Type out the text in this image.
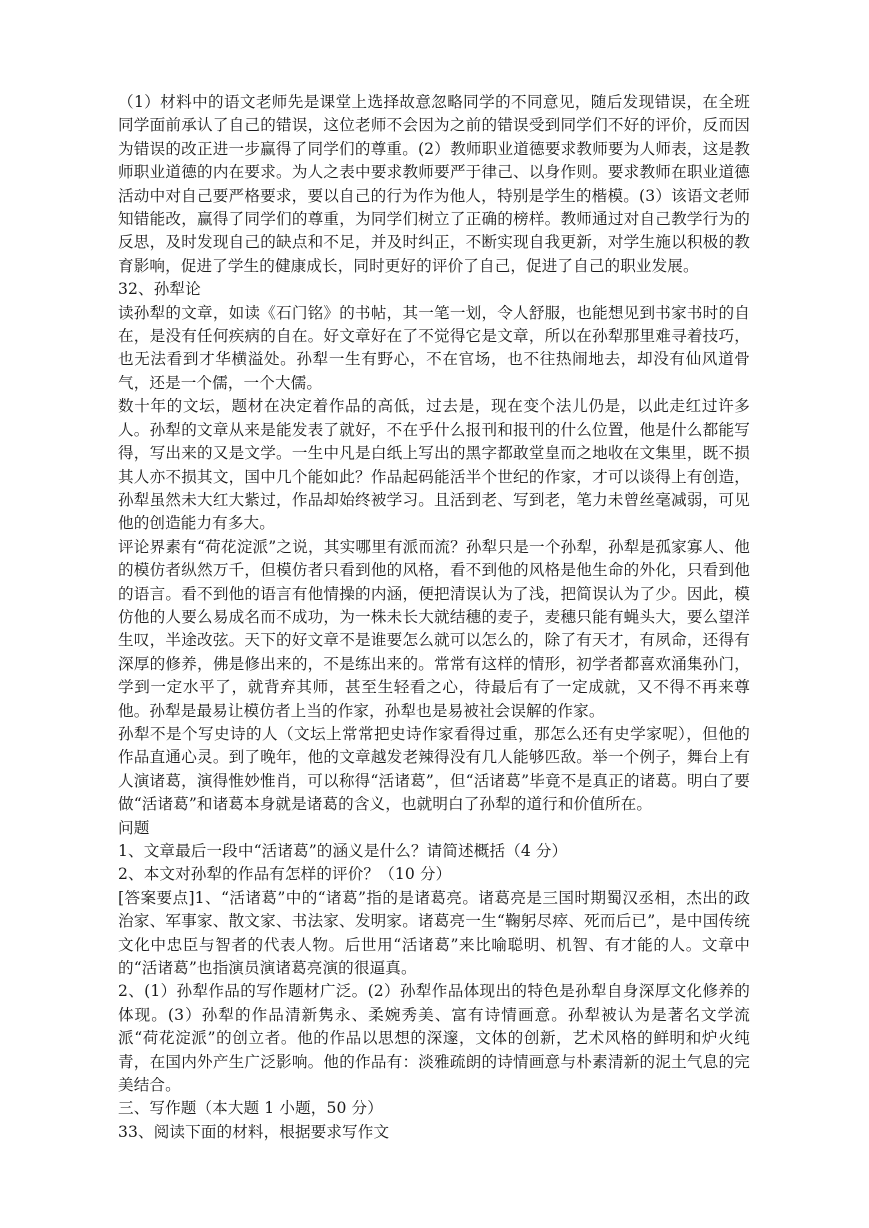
（1）材料中的语文老师先是课堂上选择故意忽略同学的不同意见，随后发现错误，在全班同学面前承认了自己的错误，这位老师不会因为之前的错误受到同学们不好的评价，反而因为错误的改正进一步赢得了同学们的尊重。(2）教师职业道德要求教师要为人师表，这是教师职业道德的内在要求。为人之表中要求教师要严于律己、以身作则。要求教师在职业道德活动中对自己要严格要求，要以自己的行为作为他人，特别是学生的楷模。(3）该语文老师知错能改，赢得了同学们的尊重，为同学们树立了正确的榜样。教师通过对自己教学行为的反思，及时发现自己的缺点和不足，并及时纠正，不断实现自我更新，对学生施以积极的教育影响，促进了学生的健康成长，同时更好的评价了自己，促进了自己的职业发展。

32、孙犁论

读孙犁的文章，如读《石门铭》的书帖，其一笔一划，令人舒服，也能想见到书家书时的自在，是没有任何疾病的自在。好文章好在了不觉得它是文章，所以在孙犁那里难寻着技巧，也无法看到才华横溢处。孙犁一生有野心，不在官场，也不往热闹地去，却没有仙风道骨气，还是一个儒，一个大儒。

数十年的文坛，题材在决定着作品的高低，过去是，现在变个法儿仍是，以此走红过许多人。孙犁的文章从来是能发表了就好，不在乎什么报刊和报刊的什么位置，他是什么都能写得，写出来的又是文学。一生中凡是白纸上写出的黑字都敢堂皇而之地收在文集里，既不损其人亦不损其文，国中几个能如此？作品起码能活半个世纪的作家，才可以谈得上有创造，孙犁虽然未大红大紫过，作品却始终被学习。且活到老、写到老，笔力未曾丝毫减弱，可见他的创造能力有多大。

评论界素有“荷花淀派”之说，其实哪里有派而流？孙犁只是一个孙犁，孙犁是孤家寡人、他的模仿者纵然万千，但模仿者只看到他的风格，看不到他的风格是他生命的外化，只看到他的语言。看不到他的语言有他情操的内涵，便把清误认为了浅，把简误认为了少。因此，模仿他的人要么易成名而不成功，为一株未长大就结穗的麦子，麦穗只能有蝇头大，要么望洋生叹，半途改弦。天下的好文章不是谁要怎么就可以怎么的，除了有天才，有夙命，还得有深厚的修养，佛是修出来的，不是练出来的。常常有这样的情形，初学者都喜欢涌集孙门，学到一定水平了，就背弃其师，甚至生轻看之心，待最后有了一定成就，又不得不再来尊他。孙犁是最易让模仿者上当的作家，孙犁也是易被社会误解的作家。

孙犁不是个写史诗的人（文坛上常常把史诗作家看得过重，那怎么还有史学家呢），但他的作品直通心灵。到了晚年，他的文章越发老辣得没有几人能够匹敌。举一个例子，舞台上有人演诸葛，演得惟妙惟肖，可以称得“活诸葛”，但“活诸葛”毕竟不是真正的诸葛。明白了要做“活诸葛”和诸葛本身就是诸葛的含义，也就明白了孙犁的道行和价值所在。

问题

1、文章最后一段中“活诸葛”的涵义是什么？请简述概括（4 分）

2、本文对孙犁的作品有怎样的评价？（10 分）

[答案要点]1、“活诸葛”中的“诸葛”指的是诸葛亮。诸葛亮是三国时期蜀汉丞相，杰出的政治家、军事家、散文家、书法家、发明家。诸葛亮一生“鞠躬尽瘁、死而后已”，是中国传统文化中忠臣与智者的代表人物。后世用“活诸葛”来比喻聪明、机智、有才能的人。文章中的“活诸葛”也指演员演诸葛亮演的很逼真。

2、(1）孙犁作品的写作题材广泛。(2）孙犁作品体现出的特色是孙犁自身深厚文化修养的体现。(3）孙犁的作品清新隽永、柔婉秀美、富有诗情画意。孙犁被认为是著名文学流派“荷花淀派”的创立者。他的作品以思想的深邃，文体的创新，艺术风格的鲜明和炉火纯青，在国内外产生广泛影响。他的作品有：淡雅疏朗的诗情画意与朴素清新的泥土气息的完美结合。

三、写作题（本大题 1 小题，50 分）

33、阅读下面的材料，根据要求写作文
